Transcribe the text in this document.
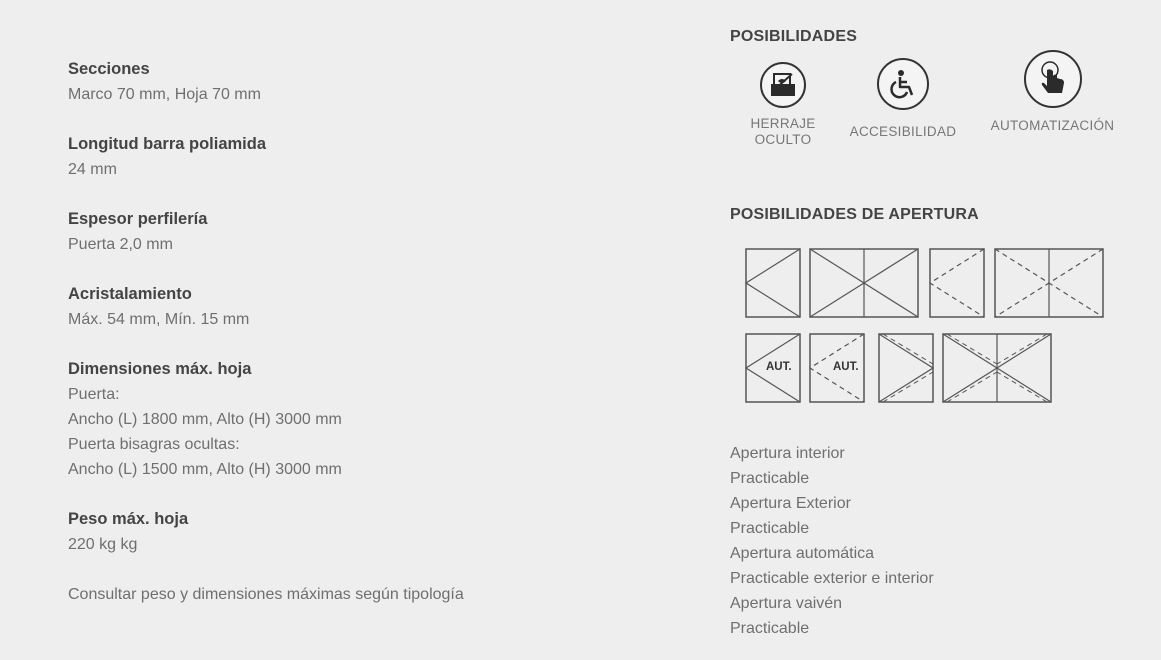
Secciones
Marco 70 mm, Hoja 70 mm
Longitud barra poliamida
24 mm
Espesor perfilería
Puerta 2,0 mm
Acristalamiento
Máx. 54 mm, Mín. 15 mm
Dimensiones máx. hoja
Puerta:
Ancho (L) 1800 mm, Alto (H) 3000 mm
Puerta bisagras ocultas:
Ancho (L) 1500 mm, Alto (H) 3000 mm
Peso máx. hoja
220 kg kg
Consultar peso y dimensiones máximas según tipología
POSIBILIDADES
HERRAJE
OCULTO
ACCESIBILIDAD	AUTOMATIZACIÓN
POSIBILIDADES DE APERTURA
AUT.	AUT.
Apertura interior
Practicable
Apertura Exterior
Practicable
Apertura automática
Practicable exterior e interior
Apertura vaivén
Practicable
